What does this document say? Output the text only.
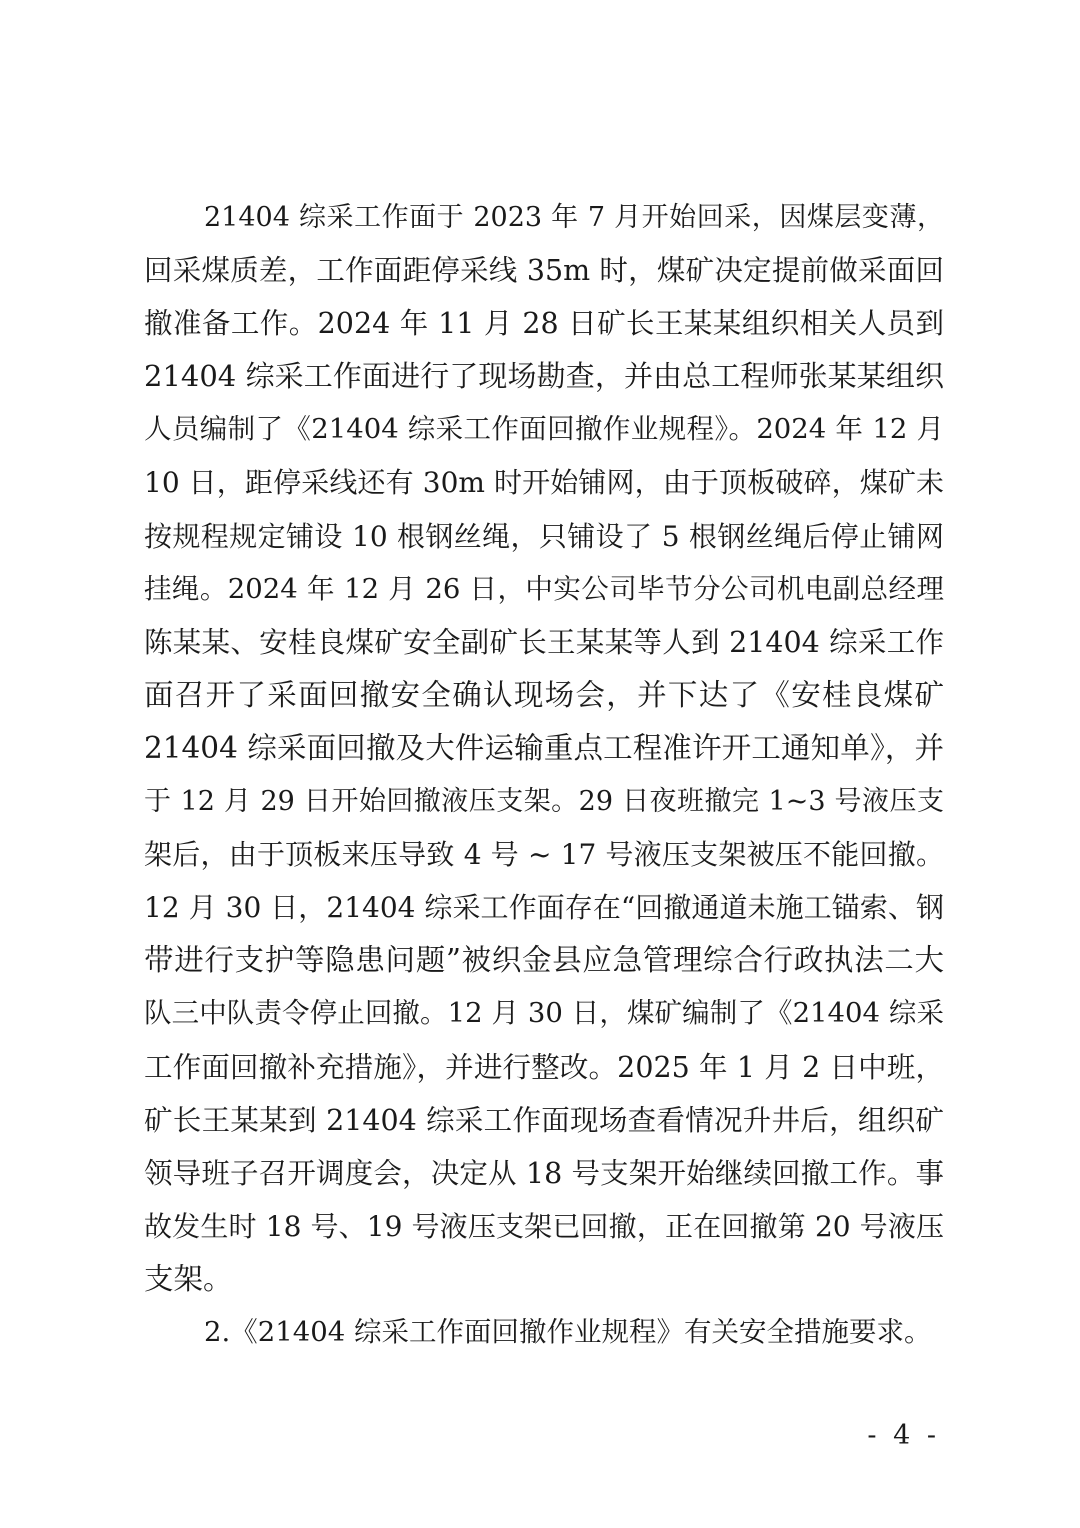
21404 综采工作面于 2023 年 7 月开始回采，因煤层变薄，
回采煤质差，工作面距停采线 35m 时，煤矿决定提前做采面回
撤准备工作。2024 年 11 月 28 日矿长王某某组织相关人员到
21404 综采工作面进行了现场勘查，并由总工程师张某某组织
人员编制了《21404 综采工作面回撤作业规程》。2024 年 12 月
10 日，距停采线还有 30m 时开始铺网，由于顶板破碎，煤矿未
按规程规定铺设 10 根钢丝绳，只铺设了 5 根钢丝绳后停止铺网
挂绳。2024 年 12 月 26 日，中实公司毕节分公司机电副总经理
陈某某、安桂良煤矿安全副矿长王某某等人到 21404 综采工作
面召开了采面回撤安全确认现场会，并下达了《安桂良煤矿
21404 综采面回撤及大件运输重点工程准许开工通知单》，并
于 12 月 29 日开始回撤液压支架。29 日夜班撤完 1~3 号液压支
架后，由于顶板来压导致 4 号 ~ 17 号液压支架被压不能回撤。
12 月 30 日，21404 综采工作面存在“回撤通道未施工锚索、钢
带进行支护等隐患问题”被织金县应急管理综合行政执法二大
队三中队责令停止回撤。12 月 30 日，煤矿编制了《21404 综采
工作面回撤补充措施》，并进行整改。2025 年 1 月 2 日中班，
矿长王某某到 21404 综采工作面现场查看情况升井后，组织矿
领导班子召开调度会，决定从 18 号支架开始继续回撤工作。事
故发生时 18 号、19 号液压支架已回撤，正在回撤第 20 号液压
支架。
2.《21404 综采工作面回撤作业规程》有关安全措施要求。
- 4 -
